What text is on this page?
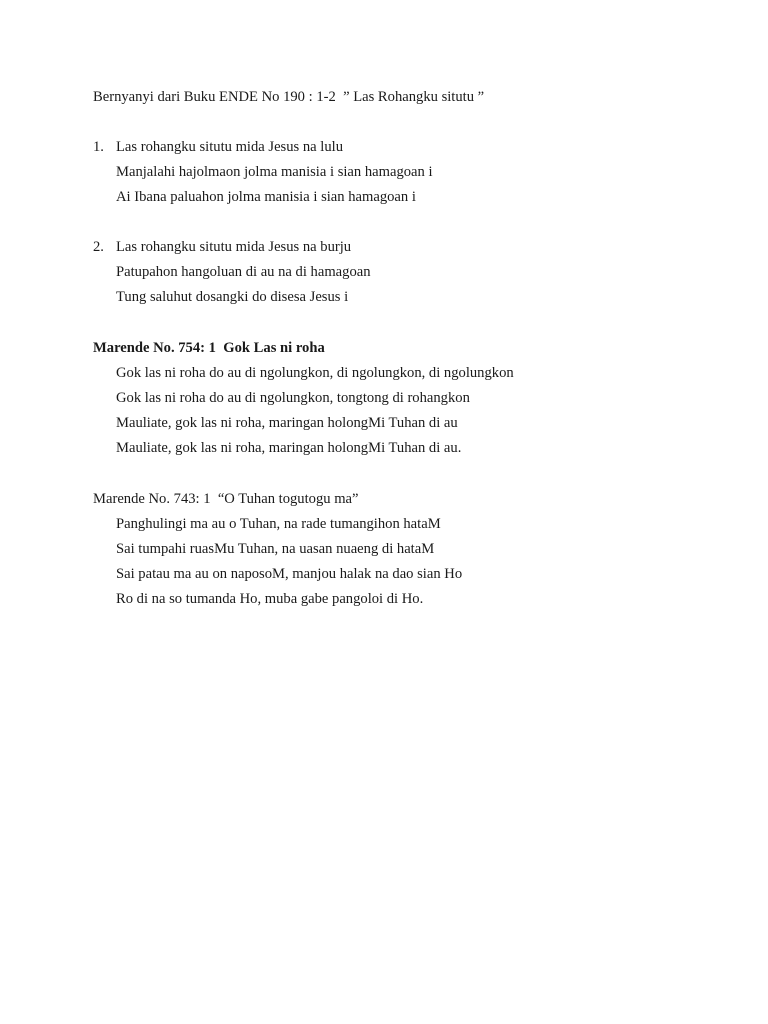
Bernyanyi dari Buku ENDE No 190 : 1-2  ” Las Rohangku situtu ”
1. Las rohangku situtu mida Jesus na lulu
Manjalahi hajolmaon jolma manisia i sian hamagoan i
Ai Ibana paluahon jolma manisia i sian hamagoan i
2. Las rohangku situtu mida Jesus na burju
Patupahon hangoluan di au na di hamagoan
Tung saluhut dosangki do disesa Jesus i
Marende No. 754: 1  Gok Las ni roha
Gok las ni roha do au di ngolungkon, di ngolungkon, di ngolungkon
Gok las ni roha do au di ngolungkon, tongtong di rohangkon
Mauliate, gok las ni roha, maringan holongMi Tuhan di au
Mauliate, gok las ni roha, maringan holongMi Tuhan di au.
Marende No. 743: 1  “O Tuhan togutogu ma”
Panghulingi ma au o Tuhan, na rade tumangihon hataM
Sai tumpahi ruasMu Tuhan, na uasan nuaeng di hataM
Sai patau ma au on naposoM, manjou halak na dao sian Ho
Ro di na so tumanda Ho, muba gabe pangoloi di Ho.
